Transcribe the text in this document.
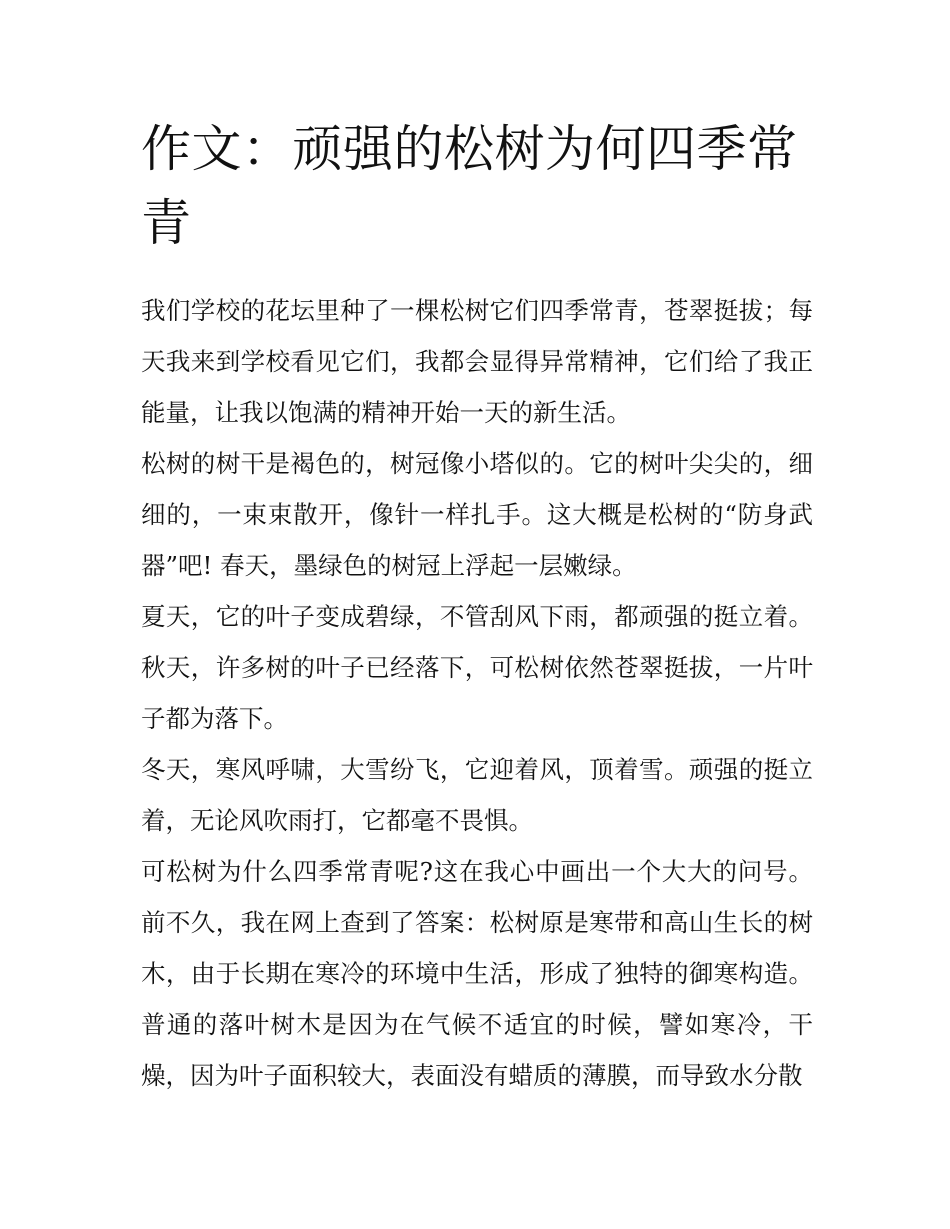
作文：顽强的松树为何四季常青

我们学校的花坛里种了一棵松树它们四季常青，苍翠挺拔；每天我来到学校看见它们，我都会显得异常精神，它们给了我正能量，让我以饱满的精神开始一天的新生活。

松树的树干是褐色的，树冠像小塔似的。它的树叶尖尖的，细细的，一束束散开，像针一样扎手。这大概是松树的“防身武器”吧! 春天，墨绿色的树冠上浮起一层嫩绿。

夏天，它的叶子变成碧绿，不管刮风下雨，都顽强的挺立着。秋天，许多树的叶子已经落下，可松树依然苍翠挺拔，一片叶子都为落下。

冬天，寒风呼啸，大雪纷飞，它迎着风，顶着雪。顽强的挺立着，无论风吹雨打，它都毫不畏惧。

可松树为什么四季常青呢?这在我心中画出一个大大的问号。前不久，我在网上查到了答案：松树原是寒带和高山生长的树木，由于长期在寒冷的环境中生活，形成了独特的御寒构造。普通的落叶树木是因为在气候不适宜的时候，譬如寒冷，干燥，因为叶子面积较大，表面没有蜡质的薄膜，而导致水分散
